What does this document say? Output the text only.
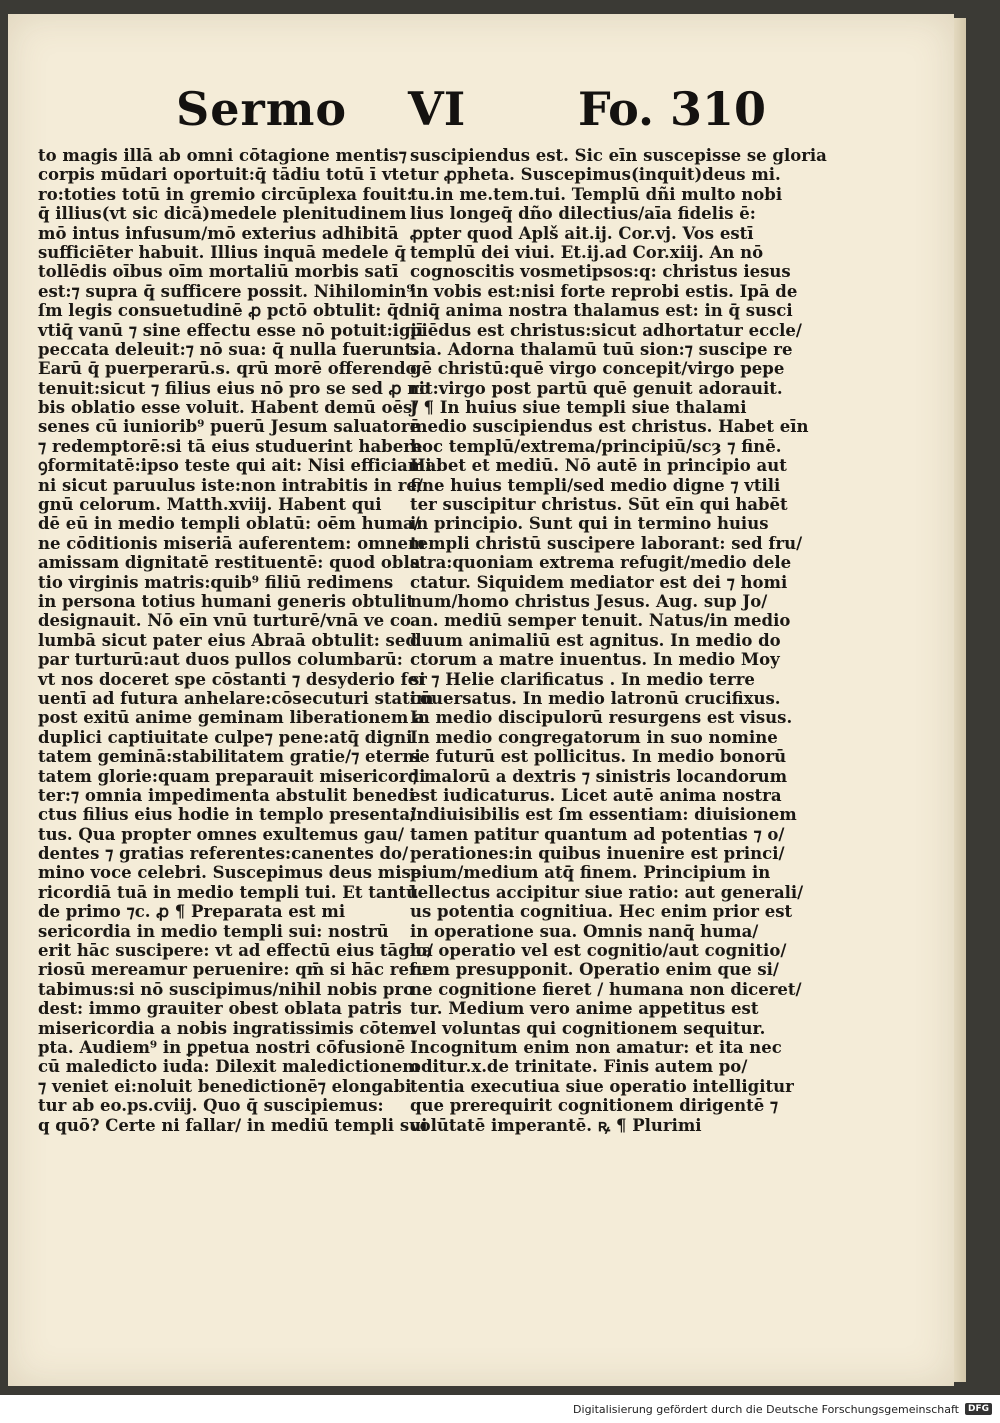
Sermo VI Fo. 310
to magis illā ab omni cōtagione mentis⁊
corpis mūdari oportuit:q̄ tādiu totū ī vte
ro:toties totū in gremio circūplexa fouit:
q̄ illius(vt sic dicā)medele plenitudinem
mō intus infusum/mō exterius adhibitā
sufficiēter habuit. Illius inquā medele q̄
tollēdis oībus oīm mortaliū morbis satī
est:⁊ supra q̄ sufficere possit. Nihilomin⁹
ſm legis consuetudinē ꝓ pctō obtulit: q̄d
vtiq̄ vanū ⁊ sine effectu esse nō potuit:igiī
peccata deleuit:⁊ nō sua: q̄ nulla fuerunt.
Earū q̄ puerperarū.s. qrū morē offerendo
tenuit:sicut ⁊ filius eius nō pro se sed ꝓ no
bis oblatio esse voluit. Habent demū oēs/
senes cū iuniorib⁹ puerū Jesum saluatorē
⁊ redemptorē:si tā eius studuerint habere
ꝯformitatē:ipso teste qui ait: Nisi efficiami
ni sicut paruulus iste:non intrabitis in re/
gnū celorum. Matth.xviij. Habent qui
dē eū in medio templi oblatū: oēm huma/
ne cōditionis miseriā auferentem: omnem
amissam dignitatē restituentē: quod obla
tio virginis matris:quib⁹ filiū redimens
in persona totius humani generis obtulit
designauit. Nō eīn vnū turturē/vnā ve co
lumbā sicut pater eius Abraā obtulit: sed
par turturū:aut duos pullos columbarū:
vt nos doceret spe cōstanti ⁊ desyderio fer
uentī ad futura anhelare:cōsecuturi statim
post exitū anime geminam liberationem a
duplici captiuitate culpe⁊ pene:atq̄ digni
tatem geminā:stabilitatem gratie/⁊ eterni
tatem glorie:quam preparauit misericordi
ter:⁊ omnia impedimenta abstulit benedi
ctus filius eius hodie in templo presenta/
tus. Qua propter omnes exultemus gau/
dentes ⁊ gratias referentes:canentes do/
mino voce celebri. Suscepimus deus mise
ricordiā tuā in medio templi tui. Et tantū
de primo ⁊c. ꝓ ¶ Preparata est mi
sericordia in medio templi sui: nostrū
erit hāc suscipere: vt ad effectū eius tāglo/
riosū mereamur peruenire: qm̄ si hāc refu
tabimus:si nō suscipimus/nihil nobis pro
dest: immo grauiter obest oblata patris
misericordia a nobis ingratissimis cōtem
pta. Audiem⁹ in ꝑpetua nostri cōfusionē
cū maledicto iuda: Dilexit maledictionem
⁊ veniet ei:noluit benedictionē⁊ elongabi
tur ab eo.ps.cviij. Quo q̄ suscipiemus:
q quō? Certe ni fallar/ in mediū templi sui
suscipiendus est. Sic eīn suscepisse se gloria
tur ꝓpheta. Suscepimus(inquit)deus mi.
tu.in me.tem.tui. Templū dñi multo nobi
lius longeq̄ dño dilectius/aīa fidelis ē:
ꝓpter quod Aplš ait.ij. Cor.vj. Vos estī
templū dei viui. Et.ij.ad Cor.xiij. An nō
cognoscitis vosmetipsos:q: christus iesus
in vobis est:nisi forte reprobi estis. Ipā de
niq̄ anima nostra thalamus est: in q̄ susci
piēdus est christus:sicut adhortatur eccle/
sia. Adorna thalamū tuū sion:⁊ suscipe re
gē christū:quē virgo concepit/virgo pepe
rit:virgo post partū quē genuit adorauit.
J ¶ In huius siue templi siue thalami
medio suscipiendus est christus. Habet eīn
hoc templū/extrema/principiū/scȝ ⁊ finē.
Habet et mediū. Nō autē in principio aut
fine huius templi/sed medio digne ⁊ vtili
ter suscipitur christus. Sūt eīn qui habēt
in principio. Sunt qui in termino huius
templi christū suscipere laborant: sed fru/
stra:quoniam extrema refugit/medio dele
ctatur. Siquidem mediator est dei ⁊ homi
num/homo christus Jesus. Aug. sup Jo/
an. mediū semper tenuit. Natus/in medio
duum animaliū est agnitus. In medio do
ctorum a matre inuentus. In medio Moy
si ⁊ Helie clarificatus . In medio terre
cōuersatus. In medio latronū crucifixus.
In medio discipulorū resurgens est visus.
In medio congregatorum in suo nomine
se futurū est pollicitus. In medio bonorū
⁊ malorū a dextris ⁊ sinistris locandorum
est iudicaturus. Licet autē anima nostra
indiuisibilis est ſm essentiam: diuisionem
tamen patitur quantum ad potentias ⁊ o/
perationes:in quibus inuenire est princi/
pium/medium atq̄ finem. Principium in
tellectus accipitur siue ratio: aut generali/
us potentia cognitiua. Hec enim prior est
in operatione sua. Omnis nanq̄ huma/
na operatio vel est cognitio/aut cognitio/
nem presupponit. Operatio enim que si/
ne cognitione fieret / humana non diceret/
tur. Medium vero anime appetitus est
vel voluntas qui cognitionem sequitur.
Incognitum enim non amatur: et ita nec
oditur.x.de trinitate. Finis autem po/
tentia executiua siue operatio intelligitur
que prerequirit cognitionem dirigentē ⁊
volūtatē imperantē. ꝶ ¶ Plurimi
Digitalisierung gefördert durch die Deutsche Forschungsgemeinschaft	DFG
